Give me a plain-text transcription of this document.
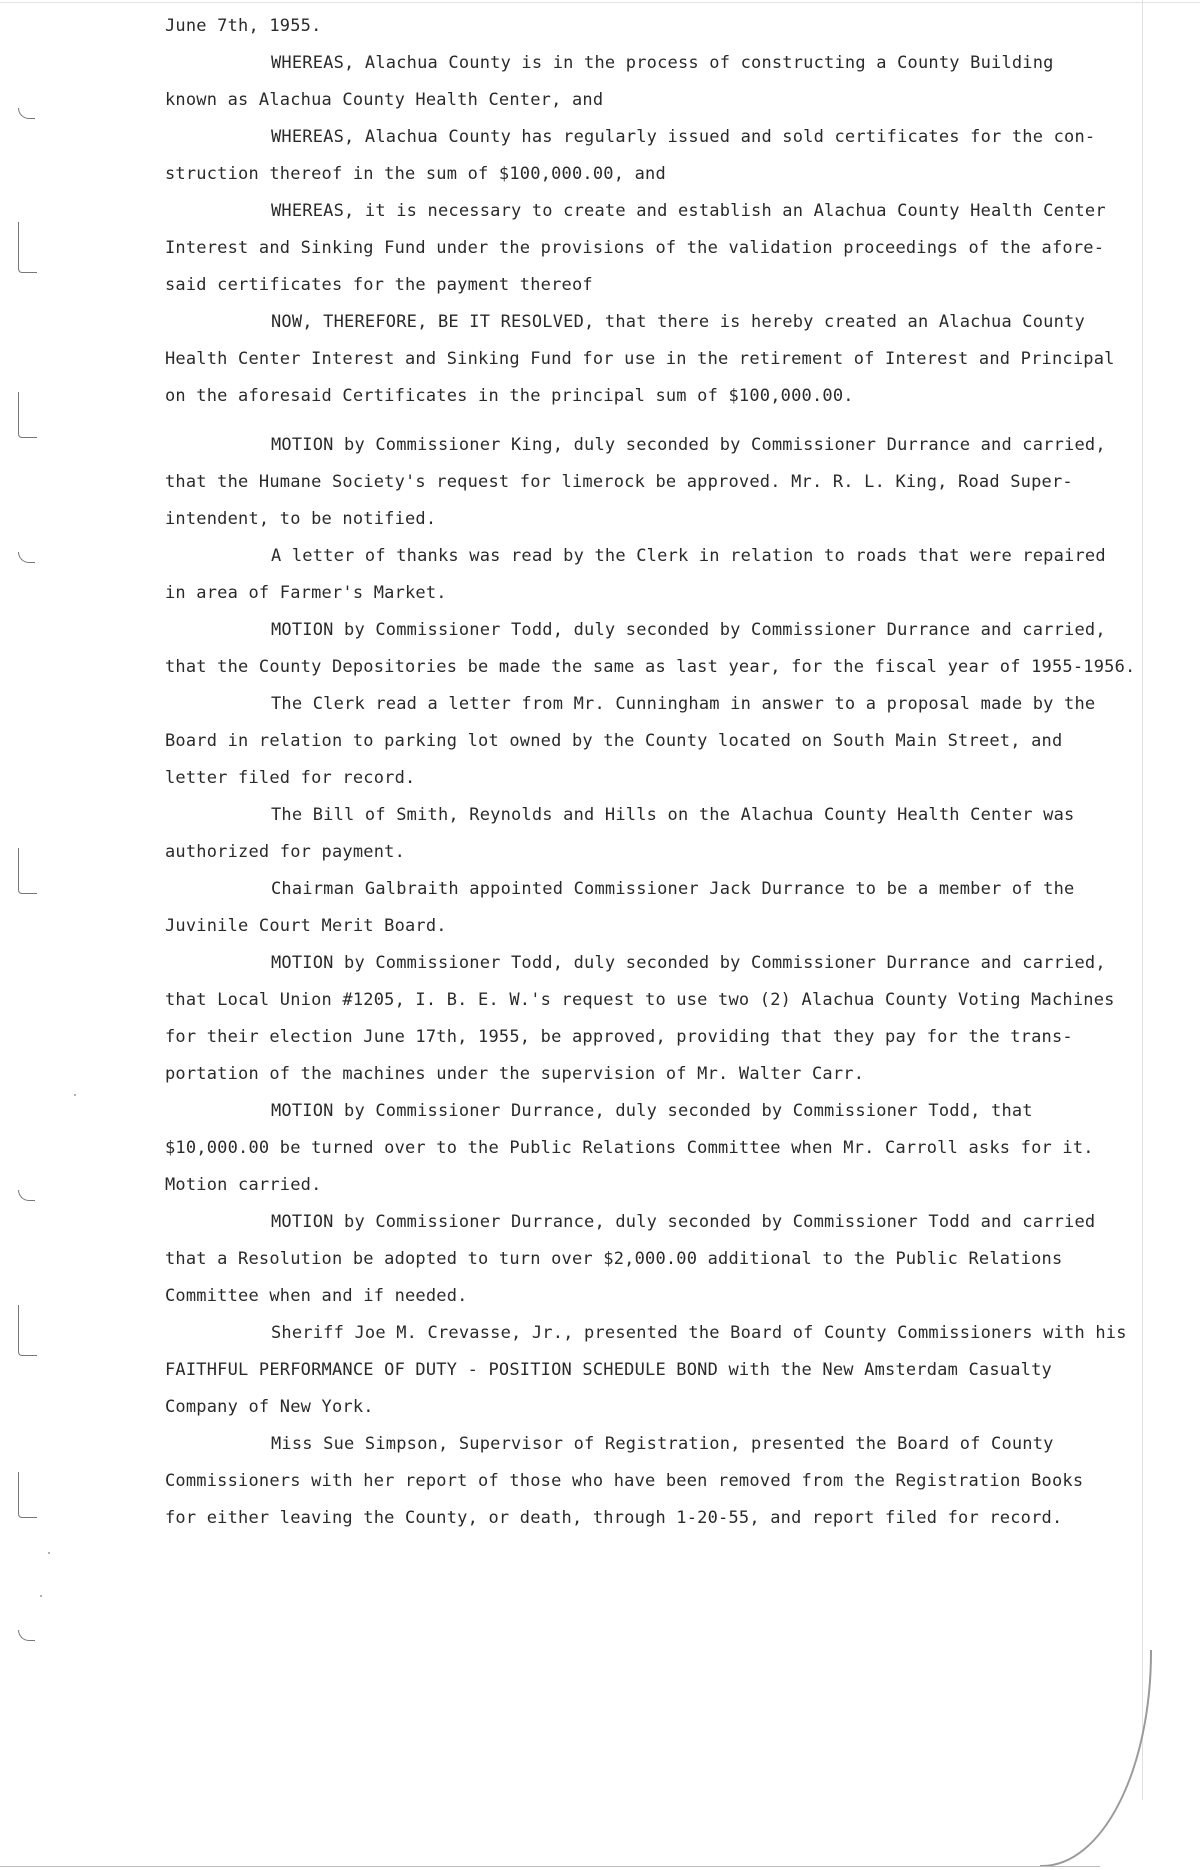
June 7th, 1955.
WHEREAS, Alachua County is in the process of constructing a County Building
known as Alachua County Health Center, and
WHEREAS, Alachua County has regularly issued and sold certificates for the con-
struction thereof in the sum of $100,000.00, and
WHEREAS, it is necessary to create and establish an Alachua County Health Center
Interest and Sinking Fund under the provisions of the validation proceedings of the afore-
said certificates for the payment thereof
NOW, THEREFORE, BE IT RESOLVED, that there is hereby created an Alachua County
Health Center Interest and Sinking Fund for use in the retirement of Interest and Principal
on the aforesaid Certificates in the principal sum of $100,000.00.
MOTION by Commissioner King, duly seconded by Commissioner Durrance and carried,
that the Humane Society's request for limerock be approved. Mr. R. L. King, Road Super-
intendent, to be notified.
A letter of thanks was read by the Clerk in relation to roads that were repaired
in area of Farmer's Market.
MOTION by Commissioner Todd, duly seconded by Commissioner Durrance and carried,
that the County Depositories be made the same as last year, for the fiscal year of 1955-1956.
The Clerk read a letter from Mr. Cunningham in answer to a proposal made by the
Board in relation to parking lot owned by the County located on South Main Street, and
letter filed for record.
The Bill of Smith, Reynolds and Hills on the Alachua County Health Center was
authorized for payment.
Chairman Galbraith appointed Commissioner Jack Durrance to be a member of the
Juvinile Court Merit Board.
MOTION by Commissioner Todd, duly seconded by Commissioner Durrance and carried,
that Local Union #1205, I. B. E. W.'s request to use two (2) Alachua County Voting Machines
for their election June 17th, 1955, be approved, providing that they pay for the trans-
portation of the machines under the supervision of Mr. Walter Carr.
MOTION by Commissioner Durrance, duly seconded by Commissioner Todd, that
$10,000.00 be turned over to the Public Relations Committee when Mr. Carroll asks for it.
Motion carried.
MOTION by Commissioner Durrance, duly seconded by Commissioner Todd and carried
that a Resolution be adopted to turn over $2,000.00 additional to the Public Relations
Committee when and if needed.
Sheriff Joe M. Crevasse, Jr., presented the Board of County Commissioners with his
FAITHFUL PERFORMANCE OF DUTY - POSITION SCHEDULE BOND with the New Amsterdam Casualty
Company of New York.
Miss Sue Simpson, Supervisor of Registration, presented the Board of County
Commissioners with her report of those who have been removed from the Registration Books
for either leaving the County, or death, through 1-20-55, and report filed for record.
